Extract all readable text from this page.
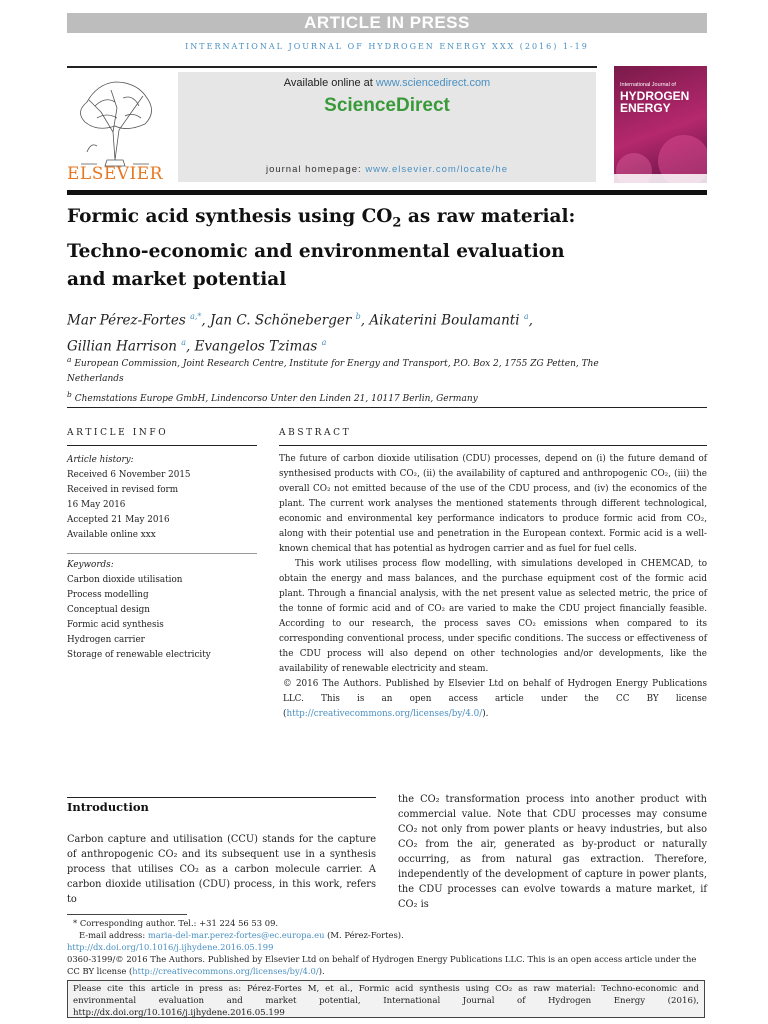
ARTICLE IN PRESS
INTERNATIONAL JOURNAL OF HYDROGEN ENERGY XXX (2016) 1-19
ELSEVIER
Available online at www.sciencedirect.com
ScienceDirect
journal homepage: www.elsevier.com/locate/he
International Journal of
HYDROGEN
ENERGY
Formic acid synthesis using $CO_2$ as raw material:
Techno-economic and environmental evaluation
and market potential
Mar Pérez-Fortes $^{a,*}$, Jan C. Schöneberger $^b$, Aikaterini Boulamanti $^a$,
Gillian Harrison $^a$, Evangelos Tzimas $^a$
$^a$ European Commission, Joint Research Centre, Institute for Energy and Transport, P.O. Box 2, 1755 ZG Petten, The Netherlands
$^b$ Chemstations Europe GmbH, Lindencorso Unter den Linden 21, 10117 Berlin, Germany
ARTICLE INFO	ABSTRACT
Article history:
Received 6 November 2015
Received in revised form
16 May 2016
Accepted 21 May 2016
Available online xxx
Keywords:
Carbon dioxide utilisation
Process modelling
Conceptual design
Formic acid synthesis
Hydrogen carrier
Storage of renewable electricity

The future of carbon dioxide utilisation (CDU) processes, depend on (i) the future demand of synthesised products with CO₂, (ii) the availability of captured and anthropogenic CO₂, (iii) the overall CO₂ not emitted because of the use of the CDU process, and (iv) the economics of the plant. The current work analyses the mentioned statements through different technological, economic and environmental key performance indicators to produce formic acid from CO₂, along with their potential use and penetration in the European context. Formic acid is a well-known chemical that has potential as hydrogen carrier and as fuel for fuel cells.

This work utilises process flow modelling, with simulations developed in CHEMCAD, to obtain the energy and mass balances, and the purchase equipment cost of the formic acid plant. Through a financial analysis, with the net present value as selected metric, the price of the tonne of formic acid and of CO₂ are varied to make the CDU project financially feasible. According to our research, the process saves CO₂ emissions when compared to its corresponding conventional process, under specific conditions. The success or effectiveness of the CDU process will also depend on other technologies and/or developments, like the availability of renewable electricity and steam.

© 2016 The Authors. Published by Elsevier Ltd on behalf of Hydrogen Energy Publications LLC. This is an open access article under the CC BY license (http://creativecommons.org/licenses/by/4.0/).

Introduction

Carbon capture and utilisation (CCU) stands for the capture of anthropogenic CO₂ and its subsequent use in a synthesis process that utilises CO₂ as a carbon molecule carrier. A carbon dioxide utilisation (CDU) process, in this work, refers to

the CO₂ transformation process into another product with commercial value. Note that CDU processes may consume CO₂ not only from power plants or heavy industries, but also CO₂ from the air, generated as by-product or naturally occurring, as from natural gas extraction. Therefore, independently of the development of capture in power plants, the CDU processes can evolve towards a mature market, if CO₂ is

* Corresponding author. Tel.: +31 224 56 53 09.
E-mail address: maria-del-mar.perez-fortes@ec.europa.eu (M. Pérez-Fortes).
http://dx.doi.org/10.1016/j.ijhydene.2016.05.199
0360-3199/© 2016 The Authors. Published by Elsevier Ltd on behalf of Hydrogen Energy Publications LLC. This is an open access article under the CC BY license (http://creativecommons.org/licenses/by/4.0/).
Please cite this article in press as: Pérez-Fortes M, et al., Formic acid synthesis using CO₂ as raw material: Techno-economic and environmental evaluation and market potential, International Journal of Hydrogen Energy (2016), http://dx.doi.org/10.1016/j.ijhydene.2016.05.199
